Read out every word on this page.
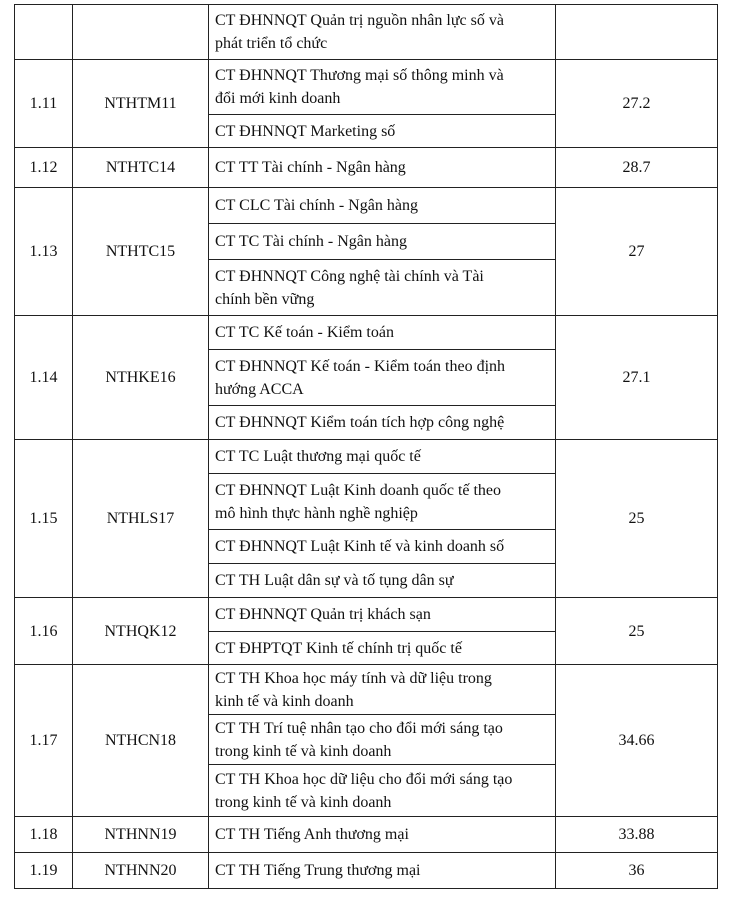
		CT ĐHNNQT Quản trị nguồn nhân lực số và
phát triển tổ chức	

1.11	NTHTM11	CT ĐHNNQT Thương mại số thông minh và
đổi mới kinh doanh	27.2

		CT ĐHNNQT Marketing số	

1.12	NTHTC14	CT TT Tài chính - Ngân hàng	28.7
1.13	NTHTC15	CT CLC Tài chính - Ngân hàng	27

		CT TC Tài chính - Ngân hàng	

		CT ĐHNNQT Công nghệ tài chính và Tài
chính bền vững	

1.14	NTHKE16	CT TC Kế toán - Kiểm toán	27.1

		CT ĐHNNQT Kế toán - Kiểm toán theo định
hướng ACCA	

		CT ĐHNNQT Kiểm toán tích hợp công nghệ	

1.15	NTHLS17	CT TC Luật thương mại quốc tế	25

		CT ĐHNNQT Luật Kinh doanh quốc tế theo
mô hình thực hành nghề nghiệp	

		CT ĐHNNQT Luật Kinh tế và kinh doanh số	

		CT TH Luật dân sự và tố tụng dân sự	

1.16	NTHQK12	CT ĐHNNQT Quản trị khách sạn	25

		CT ĐHPTQT Kinh tế chính trị quốc tế	

1.17	NTHCN18	CT TH Khoa học máy tính và dữ liệu trong
kinh tế và kinh doanh	34.66

		CT TH Trí tuệ nhân tạo cho đổi mới sáng tạo
trong kinh tế và kinh doanh	

		CT TH Khoa học dữ liệu cho đổi mới sáng tạo
trong kinh tế và kinh doanh	

1.18	NTHNN19	CT TH Tiếng Anh thương mại	33.88
1.19	NTHNN20	CT TH Tiếng Trung thương mại	36
